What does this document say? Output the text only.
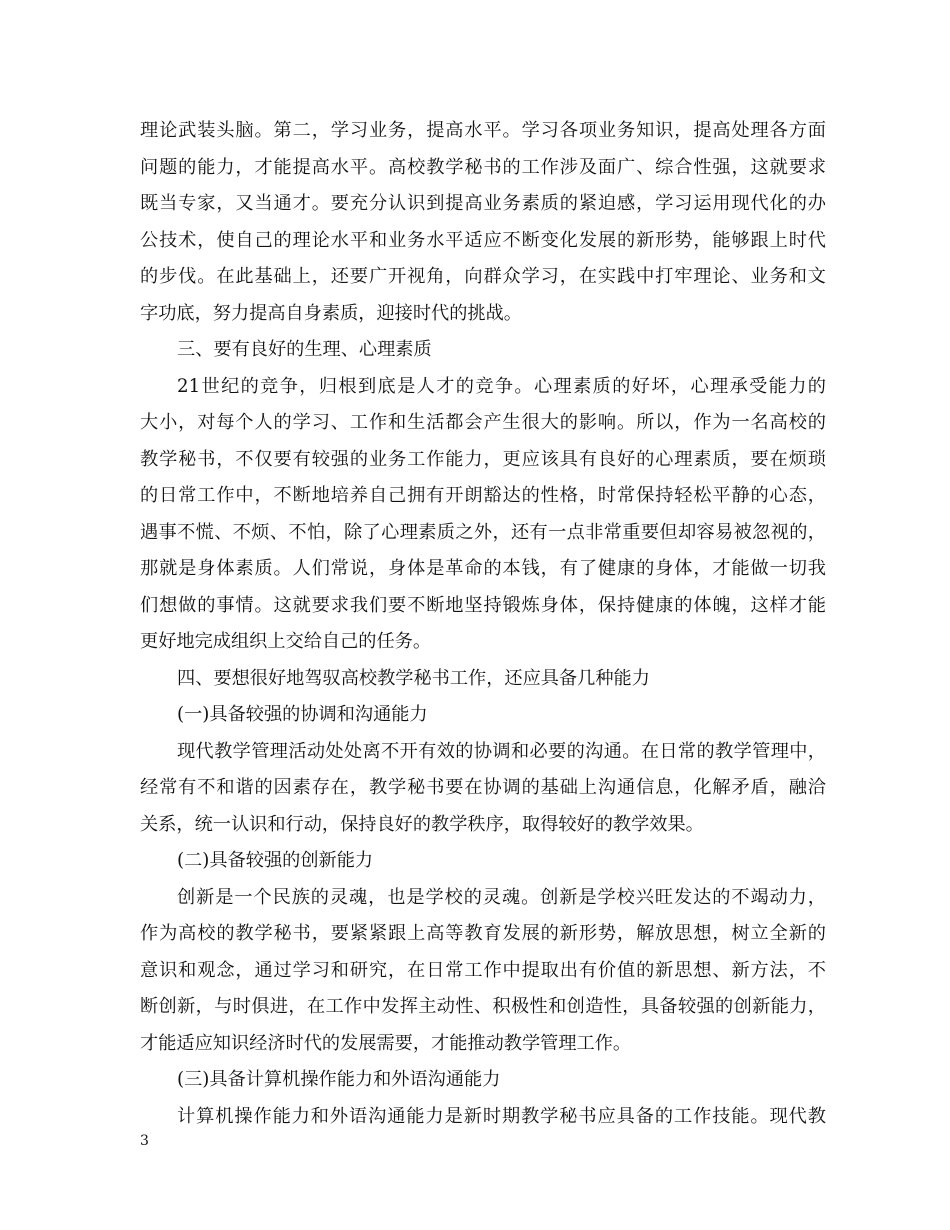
理论武装头脑。第二，学习业务，提高水平。学习各项业务知识，提高处理各方面
问题的能力，才能提高水平。高校教学秘书的工作涉及面广、综合性强，这就要求
既当专家，又当通才。要充分认识到提高业务素质的紧迫感，学习运用现代化的办
公技术，使自己的理论水平和业务水平适应不断变化发展的新形势，能够跟上时代
的步伐。在此基础上，还要广开视角，向群众学习，在实践中打牢理论、业务和文
字功底，努力提高自身素质，迎接时代的挑战。
三、要有良好的生理、心理素质
21世纪的竞争，归根到底是人才的竞争。心理素质的好坏，心理承受能力的
大小，对每个人的学习、工作和生活都会产生很大的影响。所以，作为一名高校的
教学秘书，不仅要有较强的业务工作能力，更应该具有良好的心理素质，要在烦琐
的日常工作中，不断地培养自己拥有开朗豁达的性格，时常保持轻松平静的心态，
遇事不慌、不烦、不怕，除了心理素质之外，还有一点非常重要但却容易被忽视的，
那就是身体素质。人们常说，身体是革命的本钱，有了健康的身体，才能做一切我
们想做的事情。这就要求我们要不断地坚持锻炼身体，保持健康的体魄，这样才能
更好地完成组织上交给自己的任务。
四、要想很好地驾驭高校教学秘书工作，还应具备几种能力
(一)具备较强的协调和沟通能力
现代教学管理活动处处离不开有效的协调和必要的沟通。在日常的教学管理中，
经常有不和谐的因素存在，教学秘书要在协调的基础上沟通信息，化解矛盾，融洽
关系，统一认识和行动，保持良好的教学秩序，取得较好的教学效果。
(二)具备较强的创新能力
创新是一个民族的灵魂，也是学校的灵魂。创新是学校兴旺发达的不竭动力，
作为高校的教学秘书，要紧紧跟上高等教育发展的新形势，解放思想，树立全新的
意识和观念，通过学习和研究，在日常工作中提取出有价值的新思想、新方法，不
断创新，与时俱进，在工作中发挥主动性、积极性和创造性，具备较强的创新能力，
才能适应知识经济时代的发展需要，才能推动教学管理工作。
(三)具备计算机操作能力和外语沟通能力
计算机操作能力和外语沟通能力是新时期教学秘书应具备的工作技能。现代教
3
